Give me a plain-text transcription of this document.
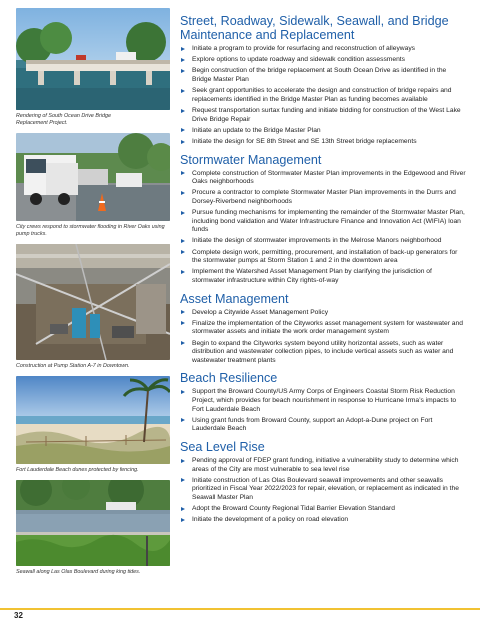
Rendering of South Ocean Drive Bridge Replacement Project.
City crews respond to stormwater flooding in River Oaks using pump trucks.
Construction at Pump Station A-7 in Downtown.
Fort Lauderdale Beach dunes protected by fencing.
Seawall along Las Olas Boulevard during king tides.
Street, Roadway, Sidewalk, Seawall, and Bridge
Maintenance and Replacement
Initiate a program to provide for resurfacing and reconstruction of alleyways
Explore options to update roadway and sidewalk condition assessments
Begin construction of the bridge replacement at South Ocean Drive as identified in the Bridge Master Plan
Seek grant opportunities to accelerate the design and construction of bridge repairs and replacements identified in the Bridge Master Plan as funding becomes available
Request transportation surtax funding and initiate bidding for construction of the West Lake Drive Bridge Repair
Initiate an update to the Bridge Master Plan
Initiate the design for SE 8th Street and SE 13th Street bridge replacements
Stormwater Management
Complete construction of Stormwater Master Plan improvements in the Edgewood and River Oaks neighborhoods
Procure a contractor to complete Stormwater Master Plan improvements in the Durrs and Dorsey-Riverbend neighborhoods
Pursue funding mechanisms for implementing the remainder of the Stormwater Master Plan, including bond validation and Water Infrastructure Finance and Innovation Act (WIFIA) loan funds
Initiate the design of stormwater improvements in the Melrose Manors neighborhood
Complete design work, permitting, procurement, and installation of back-up generators for the stormwater pumps at Storm Station 1 and 2 in the downtown area
Implement the Watershed Asset Management Plan by clarifying the jurisdiction of stormwater infrastructure within City rights-of-way
Asset Management
Develop a Citywide Asset Management Policy
Finalize the implementation of the Cityworks asset management system for wastewater and stormwater assets and initiate the work order management system
Begin to expand the Cityworks system beyond utility horizontal assets, such as water distribution and wastewater collection pipes, to include vertical assets such as water and wastewater treatment plants
Beach Resilience
Support the Broward County/US Army Corps of Engineers Coastal Storm Risk Reduction Project, which provides for beach nourishment in response to Hurricane Irma’s impacts to Fort Lauderdale Beach
Using grant funds from Broward County, support an Adopt-a-Dune project on Fort Lauderdale Beach
Sea Level Rise
Pending approval of FDEP grant funding, initiative a vulnerability study to determine which areas of the City are most vulnerable to sea level rise
Initiate construction of Las Olas Boulevard seawall improvements and other seawalls prioritized in Fiscal Year 2022/2023 for repair, elevation, or replacement as indicated in the Seawall Master Plan
Adopt the Broward County Regional Tidal Barrier Elevation Standard
Initiate the development of a policy on road elevation
32
